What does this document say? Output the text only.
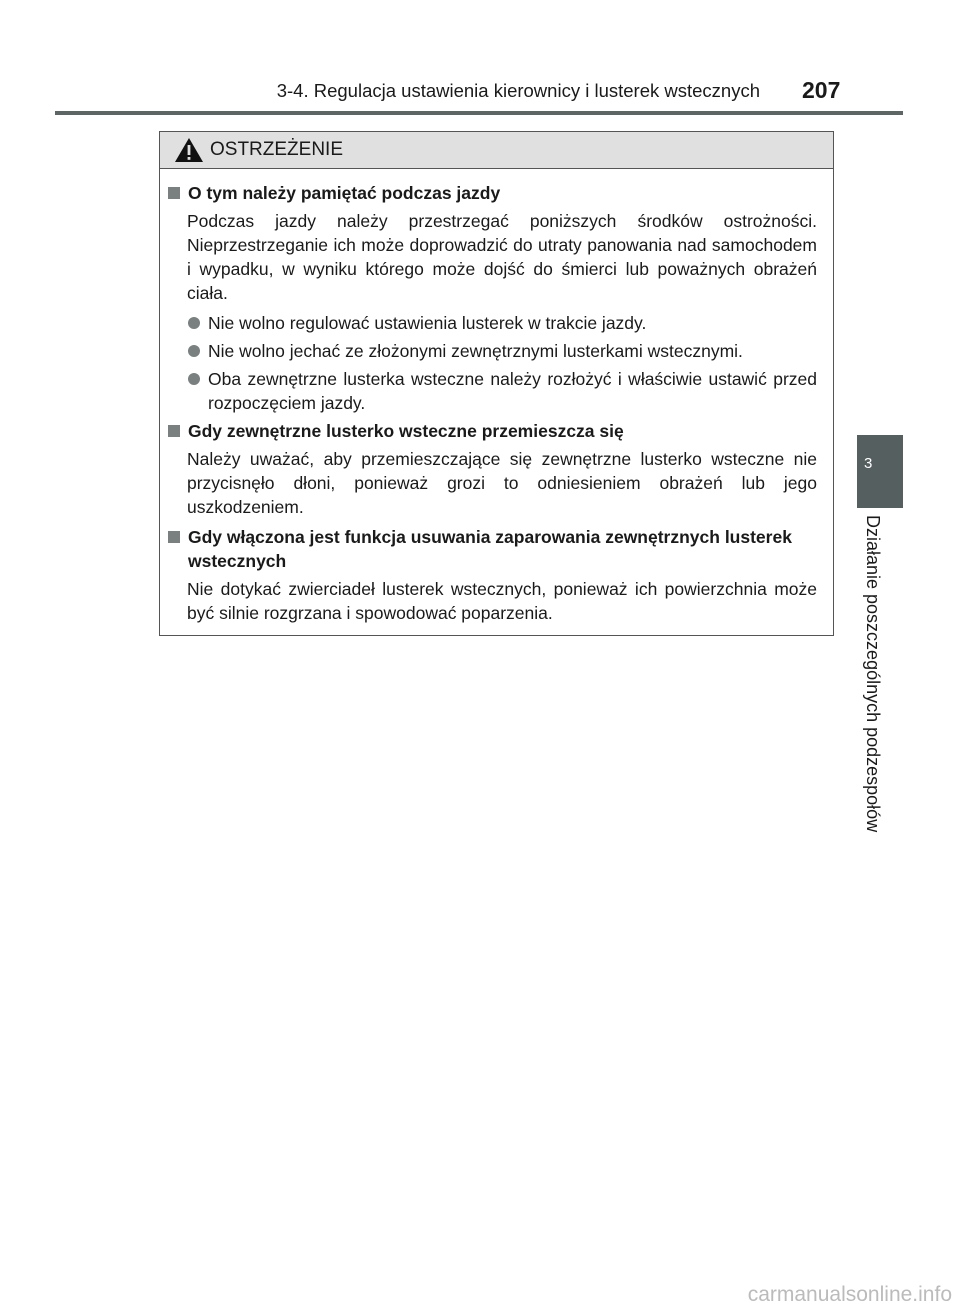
3-4. Regulacja ustawienia kierownicy i lusterek wstecznych 207
OSTRZEŻENIE
O tym należy pamiętać podczas jazdy
Podczas jazdy należy przestrzegać poniższych środków ostrożności. Nieprzestrzeganie ich może doprowadzić do utraty panowania nad samochodem i wypadku, w wyniku którego może dojść do śmierci lub poważnych obrażeń ciała.
Nie wolno regulować ustawienia lusterek w trakcie jazdy.
Nie wolno jechać ze złożonymi zewnętrznymi lusterkami wstecznymi.
Oba zewnętrzne lusterka wsteczne należy rozłożyć i właściwie ustawić przed rozpoczęciem jazdy.
Gdy zewnętrzne lusterko wsteczne przemieszcza się
Należy uważać, aby przemieszczające się zewnętrzne lusterko wsteczne nie przycisnęło dłoni, ponieważ grozi to odniesieniem obrażeń lub jego uszkodzeniem.
Gdy włączona jest funkcja usuwania zaparowania zewnętrznych lusterek wstecznych
Nie dotykać zwierciadeł lusterek wstecznych, ponieważ ich powierzchnia może być silnie rozgrzana i spowodować poparzenia.
3
Działanie poszczególnych podzespołów
carmanualsonline.info
